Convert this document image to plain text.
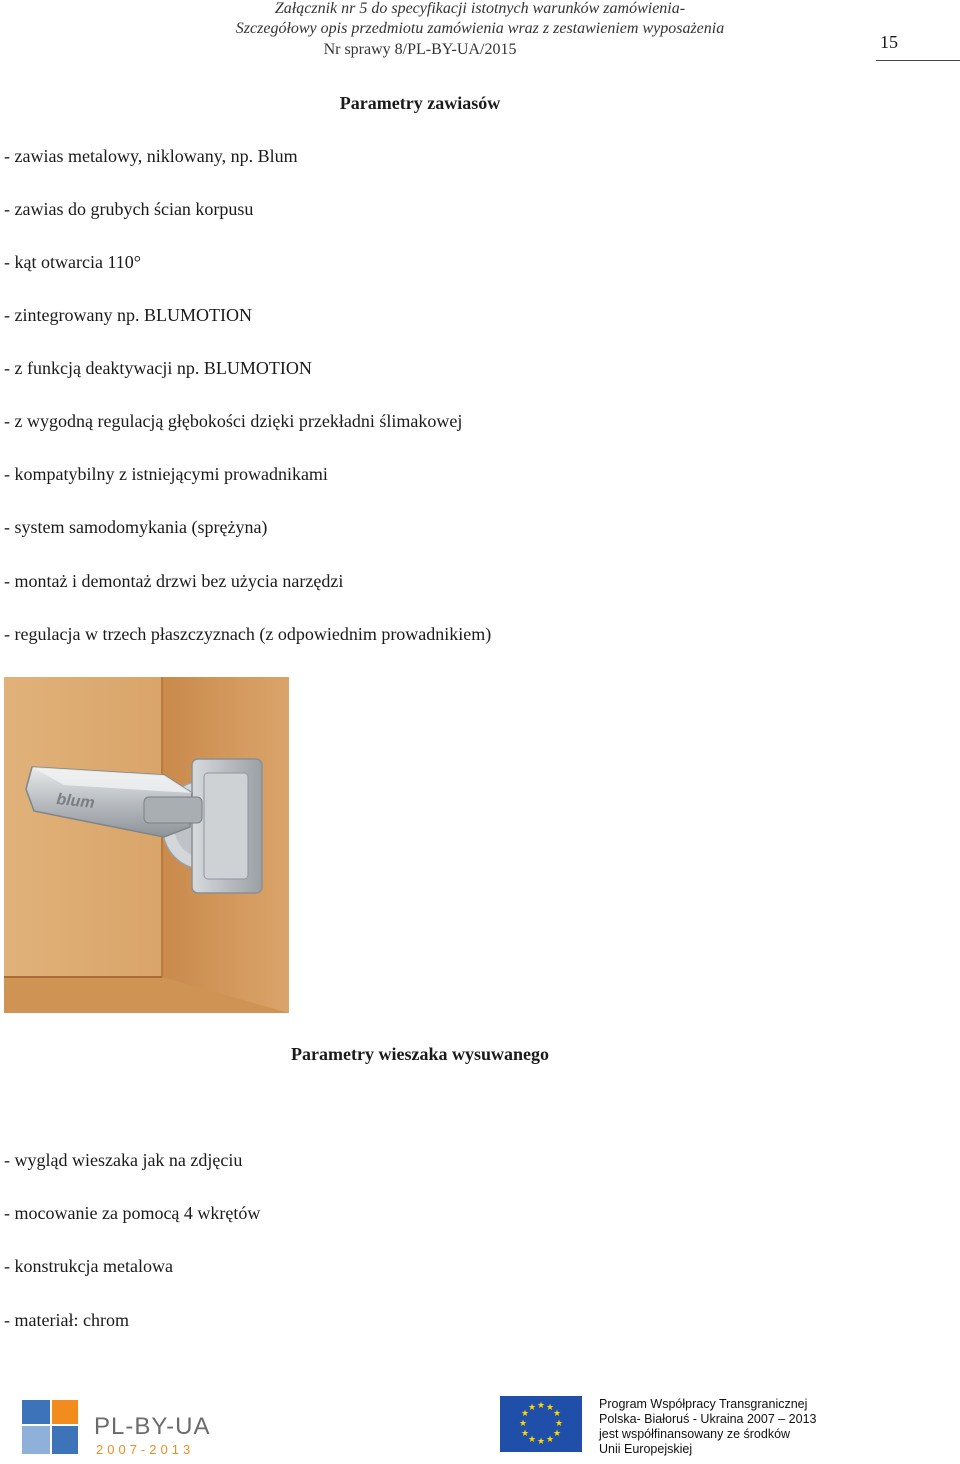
Załącznik nr 5 do specyfikacji istotnych warunków zamówienia-
Szczegółowy opis przedmiotu zamówienia wraz z zestawieniem wyposażenia
Nr sprawy 8/PL-BY-UA/2015	15
Parametry zawiasów
- zawias metalowy, niklowany, np. Blum
- zawias do grubych ścian korpusu
- kąt otwarcia 110°
- zintegrowany np. BLUMOTION
- z funkcją deaktywacji np. BLUMOTION
- z wygodną regulacją głębokości dzięki przekładni ślimakowej
- kompatybilny z istniejącymi prowadnikami
- system samodomykania (sprężyna)
- montaż i demontaż drzwi bez użycia narzędzi
- regulacja w trzech płaszczyznach (z odpowiednim prowadnikiem)
blum
Parametry wieszaka wysuwanego
- wygląd wieszaka jak na zdjęciu
- mocowanie za pomocą 4 wkrętów
- konstrukcja metalowa
- materiał: chrom
PL-BY-UA
2007-2013
★ ★
★
★
★
★
★
★
★
★
★
★	Program Współpracy Transgranicznej
Polska- Białoruś - Ukraina 2007 – 2013
jest współfinansowany ze środków
Unii Europejskiej
